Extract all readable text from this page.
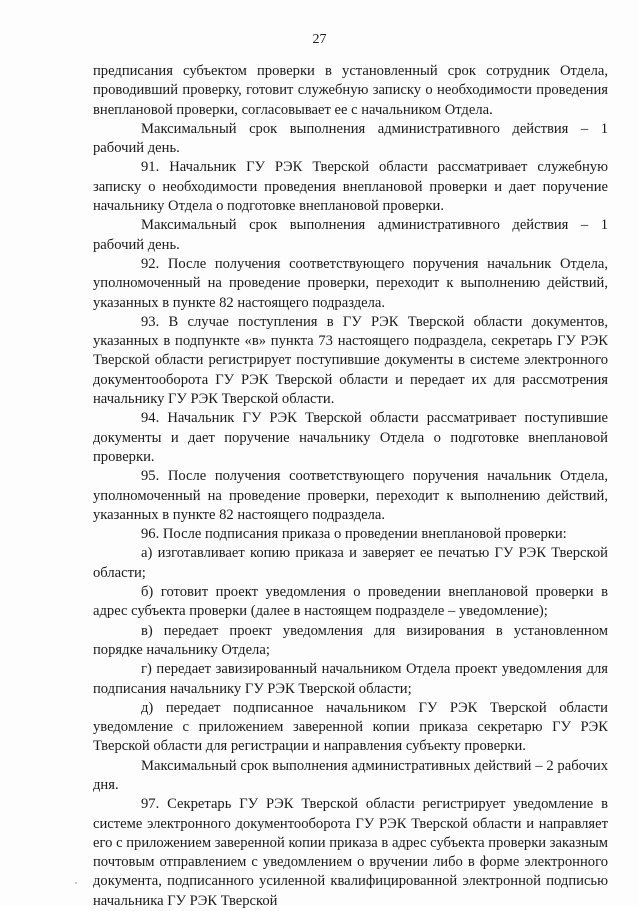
27

предписания субъектом проверки в установленный срок сотрудник Отдела, проводивший проверку, готовит служебную записку о необходимости проведения внеплановой проверки, согласовывает ее с начальником Отдела.

Максимальный срок выполнения административного действия – 1 рабочий день.

91. Начальник ГУ РЭК Тверской области рассматривает служебную записку о необходимости проведения внеплановой проверки и дает поручение начальнику Отдела о подготовке внеплановой проверки.

Максимальный срок выполнения административного действия – 1 рабочий день.

92. После получения соответствующего поручения начальник Отдела, уполномоченный на проведение проверки, переходит к выполнению действий, указанных в пункте 82 настоящего подраздела.

93. В случае поступления в ГУ РЭК Тверской области документов, указанных в подпункте «в» пункта 73 настоящего подраздела, секретарь ГУ РЭК Тверской области регистрирует поступившие документы в системе электронного документооборота ГУ РЭК Тверской области и передает их для рассмотрения начальнику ГУ РЭК Тверской области.

94. Начальник ГУ РЭК Тверской области рассматривает поступившие документы и дает поручение начальнику Отдела о подготовке внеплановой проверки.

95. После получения соответствующего поручения начальник Отдела, уполномоченный на проведение проверки, переходит к выполнению действий, указанных в пункте 82 настоящего подраздела.

96. После подписания приказа о проведении внеплановой проверки:

а) изготавливает копию приказа и заверяет ее печатью ГУ РЭК Тверской области;

б) готовит проект уведомления о проведении внеплановой проверки в адрес субъекта проверки (далее в настоящем подразделе – уведомление);

в) передает проект уведомления для визирования в установленном порядке начальнику Отдела;

г) передает завизированный начальником Отдела проект уведомления для подписания начальнику ГУ РЭК Тверской области;

д) передает подписанное начальником ГУ РЭК Тверской области уведомление с приложением заверенной копии приказа секретарю ГУ РЭК Тверской области для регистрации и направления субъекту проверки.

Максимальный срок выполнения административных действий – 2 рабочих дня.

97. Секретарь ГУ РЭК Тверской области регистрирует уведомление в системе электронного документооборота ГУ РЭК Тверской области и направляет его с приложением заверенной копии приказа в адрес субъекта проверки заказным почтовым отправлением с уведомлением о вручении либо в форме электронного документа, подписанного усиленной квалифицированной электронной подписью начальника ГУ РЭК Тверской
